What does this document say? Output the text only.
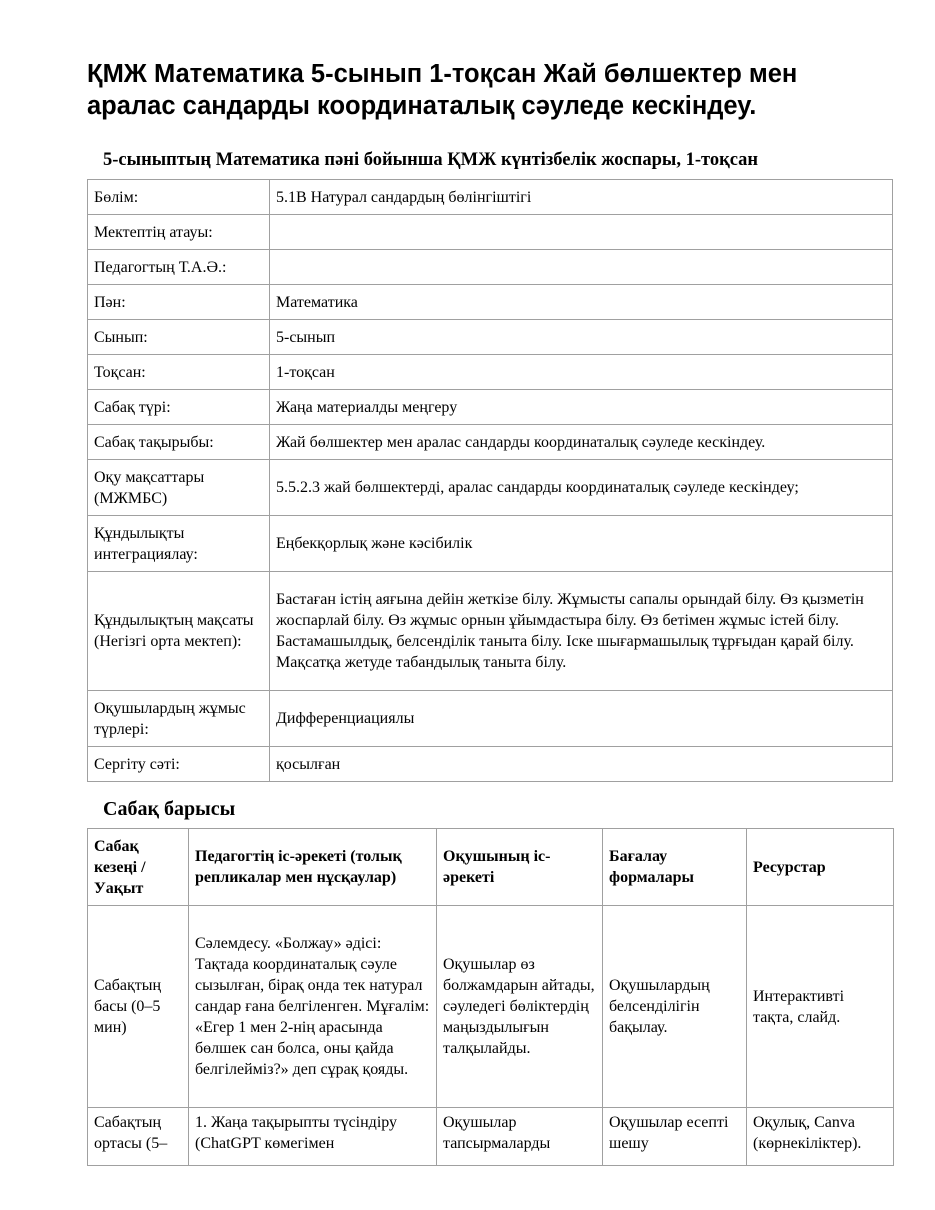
ҚМЖ Математика 5-сынып 1-тоқсан Жай бөлшектер мен аралас сандарды координаталық сәуледе кескіндеу.

5-сыныптың Математика пәні бойынша ҚМЖ күнтізбелік жоспары, 1-тоқсан

Бөлім:	5.1В Натурал сандардың бөлінгіштігі
Мектептің атауы:	
Педагогтың Т.А.Ә.:	
Пән:	Математика
Сынып:	5-сынып
Тоқсан:	1-тоқсан
Сабақ түрі:	Жаңа материалды меңгеру
Сабақ тақырыбы:	Жай бөлшектер мен аралас сандарды координаталық сәуледе кескіндеу.
Оқу мақсаттары (МЖМБС)	5.5.2.3 жай бөлшектерді, аралас сандарды координаталық сәуледе кескіндеу;
Құндылықты интеграциялау:	Еңбекқорлық және кәсібилік
Құндылықтың мақсаты (Негізгі орта мектеп):	Бастаған істің аяғына дейін жеткізе білу. Жұмысты сапалы орындай білу. Өз қызметін жоспарлай білу. Өз жұмыс орнын ұйымдастыра білу. Өз бетімен жұмыс істей білу. Бастамашылдық, белсенділік таныта білу. Іске шығармашылық тұрғыдан қарай білу. Мақсатқа жетуде табандылық таныта білу.
Оқушылардың жұмыс түрлері:	Дифференциациялы
Сергіту сәті:	қосылған

Сабақ барысы

Сабақ кезеңі / Уақыт	Педагогтің іс-әрекеті (толық репликалар мен нұсқаулар)	Оқушының іс-әрекеті	Бағалау формалары	Ресурстар
Сабақтың басы (0–5 мин)	Сәлемдесу. «Болжау» әдісі: Тақтада координаталық сәуле сызылған, бірақ онда тек натурал сандар ғана белгіленген. Мұғалім: «Егер 1 мен 2-нің арасында бөлшек сан болса, оны қайда белгілейміз?» деп сұрақ қояды.	Оқушылар өз болжамдарын айтады, сәуледегі бөліктердің маңыздылығын талқылайды.	Оқушылардың белсенділігін бақылау.	Интерактивті тақта, слайд.
Сабақтың ортасы (5–	1. Жаңа тақырыпты түсіндіру (ChatGPT көмегімен	Оқушылар тапсырмаларды	Оқушылар есепті шешу	Оқулық, Canva (көрнекіліктер).
